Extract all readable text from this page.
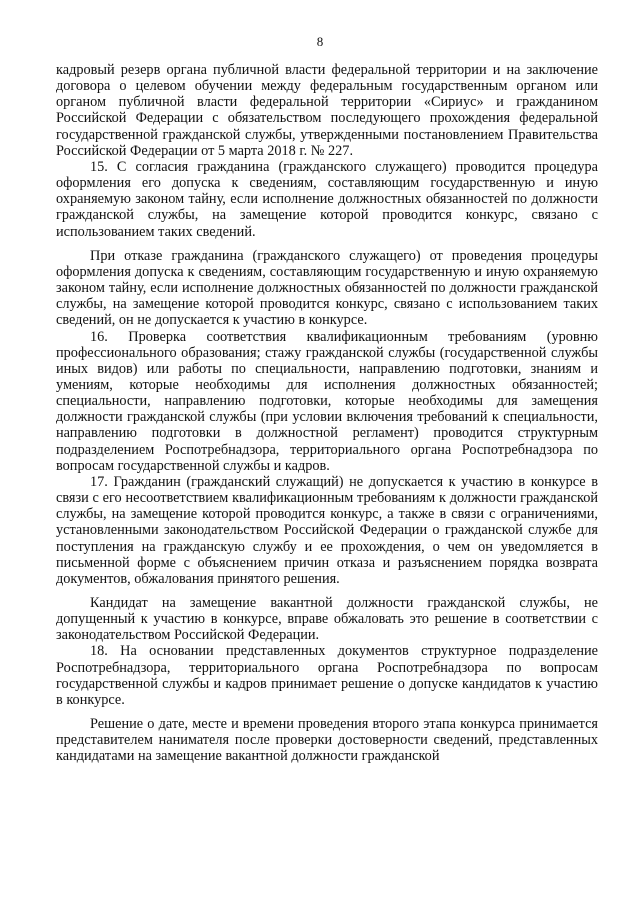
8

кадровый резерв органа публичной власти федеральной территории и на заключение договора о целевом обучении между федеральным государственным органом или органом публичной власти федеральной территории «Сириус» и гражданином Российской Федерации с обязательством последующего прохождения федеральной государственной гражданской службы, утвержденными постановлением Правительства Российской Федерации от 5 марта 2018 г. № 227.

15. С согласия гражданина (гражданского служащего) проводится процедура оформления его допуска к сведениям, составляющим государственную и иную охраняемую законом тайну, если исполнение должностных обязанностей по должности гражданской службы, на замещение которой проводится конкурс, связано с использованием таких сведений.

При отказе гражданина (гражданского служащего) от проведения процедуры оформления допуска к сведениям, составляющим государственную и иную охраняемую законом тайну, если исполнение должностных обязанностей по должности гражданской службы, на замещение которой проводится конкурс, связано с использованием таких сведений, он не допускается к участию в конкурсе.

16. Проверка соответствия квалификационным требованиям (уровню профессионального образования; стажу гражданской службы (государственной службы иных видов) или работы по специальности, направлению подготовки, знаниям и умениям, которые необходимы для исполнения должностных обязанностей; специальности, направлению подготовки, которые необходимы для замещения должности гражданской службы (при условии включения требований к специальности, направлению подготовки в должностной регламент) проводится структурным подразделением Роспотребнадзора, территориального органа Роспотребнадзора по вопросам государственной службы и кадров.

17. Гражданин (гражданский служащий) не допускается к участию в конкурсе в связи с его несоответствием квалификационным требованиям к должности гражданской службы, на замещение которой проводится конкурс, а также в связи с ограничениями, установленными законодательством Российской Федерации о гражданской службе для поступления на гражданскую службу и ее прохождения, о чем он уведомляется в письменной форме с объяснением причин отказа и разъяснением порядка возврата документов, обжалования принятого решения.

Кандидат на замещение вакантной должности гражданской службы, не допущенный к участию в конкурсе, вправе обжаловать это решение в соответствии с законодательством Российской Федерации.

18. На основании представленных документов структурное подразделение Роспотребнадзора, территориального органа Роспотребнадзора по вопросам государственной службы и кадров принимает решение о допуске кандидатов к участию в конкурсе.

Решение о дате, месте и времени проведения второго этапа конкурса принимается представителем нанимателя после проверки достоверности сведений, представленных кандидатами на замещение вакантной должности гражданской
